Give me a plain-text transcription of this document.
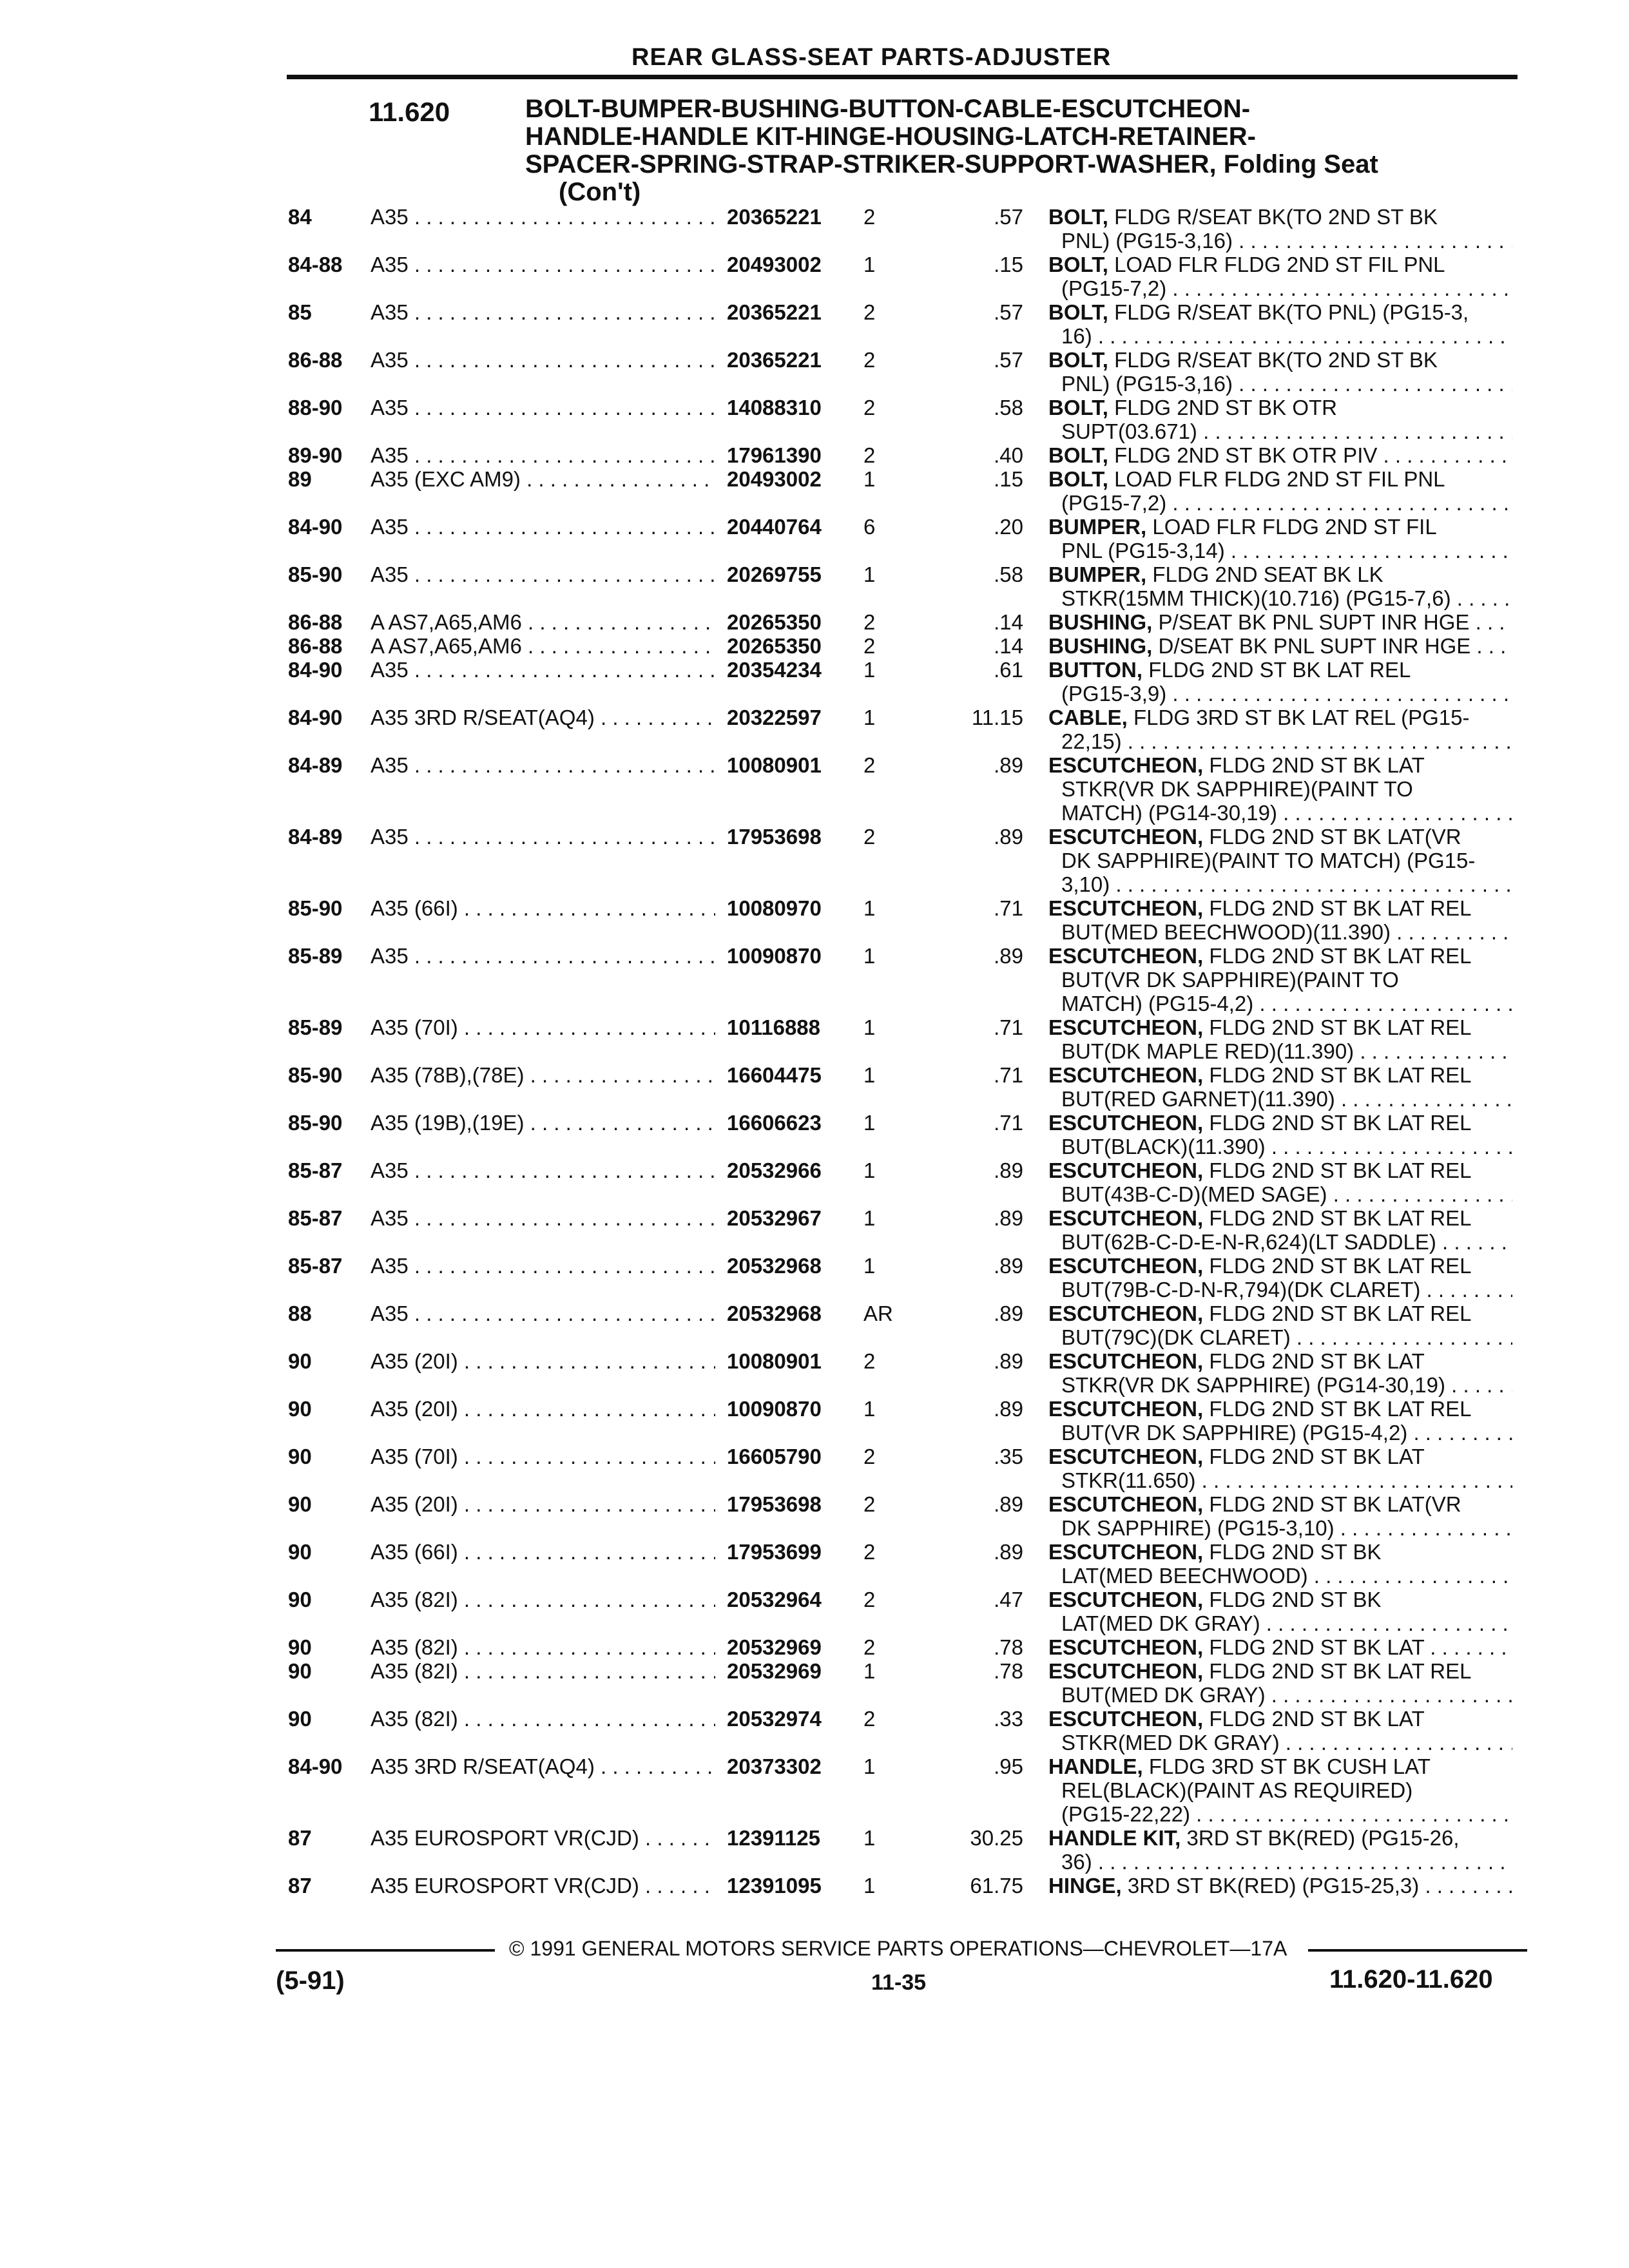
REAR GLASS-SEAT PARTS-ADJUSTER
11.620	BOLT-BUMPER-BUSHING-BUTTON-CABLE-ESCUTCHEON-
HANDLE-HANDLE KIT-HINGE-HOUSING-LATCH-RETAINER-
SPACER-SPRING-STRAP-STRIKER-SUPPORT-WASHER, Folding Seat
(Con't)
84	A35 . . .	20365221 2	.57 BOLT, FLDG R/SEAT BK(TO 2ND ST BK
PNL) (PG15-3,16) . . .
84-88 A35 . . .	20493002 1	.15 BOLT, LOAD FLR FLDG 2ND ST FIL PNL
(PG15-7,2) . . .
85	A35 . . .	20365221 2	.57 BOLT, FLDG R/SEAT BK(TO PNL) (PG15-3,
16) . . .
86-88 A35 . . .	20365221 2	.57 BOLT, FLDG R/SEAT BK(TO 2ND ST BK
PNL) (PG15-3,16) . . .
88-90 A35 . . .	14088310 2	.58 BOLT, FLDG 2ND ST BK OTR
SUPT(03.671) . . .
89-90 A35 . . .	17961390 2	.40 BOLT, FLDG 2ND ST BK OTR PIV . . .
89	A35 (EXC AM9) . . .	20493002 1	.15 BOLT, LOAD FLR FLDG 2ND ST FIL PNL
(PG15-7,2) . . .
84-90 A35 . . .	20440764 6	.20 BUMPER, LOAD FLR FLDG 2ND ST FIL
PNL (PG15-3,14) . . .
85-90 A35 . . .	20269755 1	.58 BUMPER, FLDG 2ND SEAT BK LK
STKR(15MM THICK)(10.716) (PG15-7,6) . . .
86-88 A AS7,A65,AM6 . . .	20265350 2	.14 BUSHING, P/SEAT BK PNL SUPT INR HGE . . .
86-88 A AS7,A65,AM6 . . .	20265350 2	.14 BUSHING, D/SEAT BK PNL SUPT INR HGE . . .
84-90 A35 . . .	20354234 1	.61 BUTTON, FLDG 2ND ST BK LAT REL
(PG15-3,9) . . .
84-90 A35 3RD R/SEAT(AQ4) . . .	20322597 1	11.15 CABLE, FLDG 3RD ST BK LAT REL (PG15-
22,15) . . .
84-89 A35 . . .	10080901 2	.89 ESCUTCHEON, FLDG 2ND ST BK LAT
STKR(VR DK SAPPHIRE)(PAINT TO
MATCH) (PG14-30,19) . . .
84-89 A35 . . .	17953698 2	.89 ESCUTCHEON, FLDG 2ND ST BK LAT(VR
DK SAPPHIRE)(PAINT TO MATCH) (PG15-
3,10) . . .
85-90 A35 (66I) . . .	10080970 1	.71 ESCUTCHEON, FLDG 2ND ST BK LAT REL
BUT(MED BEECHWOOD)(11.390) . . .
85-89 A35 . . .	10090870 1	.89 ESCUTCHEON, FLDG 2ND ST BK LAT REL
BUT(VR DK SAPPHIRE)(PAINT TO
MATCH) (PG15-4,2) . . .
85-89 A35 (70I) . . .	10116888 1	.71 ESCUTCHEON, FLDG 2ND ST BK LAT REL
BUT(DK MAPLE RED)(11.390) . . .
85-90 A35 (78B),(78E) . . .	16604475 1	.71 ESCUTCHEON, FLDG 2ND ST BK LAT REL
BUT(RED GARNET)(11.390) . . .
85-90 A35 (19B),(19E) . . .	16606623 1	.71 ESCUTCHEON, FLDG 2ND ST BK LAT REL
BUT(BLACK)(11.390) . . .
85-87 A35 . . .	20532966 1	.89 ESCUTCHEON, FLDG 2ND ST BK LAT REL
BUT(43B-C-D)(MED SAGE) . . .
85-87 A35 . . .	20532967 1	.89 ESCUTCHEON, FLDG 2ND ST BK LAT REL
BUT(62B-C-D-E-N-R,624)(LT SADDLE) . . .
85-87 A35 . . .	20532968 1	.89 ESCUTCHEON, FLDG 2ND ST BK LAT REL
BUT(79B-C-D-N-R,794)(DK CLARET) . . .
88	A35 . . .	20532968 AR	.89 ESCUTCHEON, FLDG 2ND ST BK LAT REL
BUT(79C)(DK CLARET) . . .
90	A35 (20I) . . .	10080901 2	.89 ESCUTCHEON, FLDG 2ND ST BK LAT
STKR(VR DK SAPPHIRE) (PG14-30,19) . . .
90	A35 (20I) . . .	10090870 1	.89 ESCUTCHEON, FLDG 2ND ST BK LAT REL
BUT(VR DK SAPPHIRE) (PG15-4,2) . . .
90	A35 (70I) . . .	16605790 2	.35 ESCUTCHEON, FLDG 2ND ST BK LAT
STKR(11.650) . . .
90	A35 (20I) . . .	17953698 2	.89 ESCUTCHEON, FLDG 2ND ST BK LAT(VR
DK SAPPHIRE) (PG15-3,10) . . .
90	A35 (66I) . . .	17953699 2	.89 ESCUTCHEON, FLDG 2ND ST BK
LAT(MED BEECHWOOD) . . .
90	A35 (82I) . . .	20532964 2	.47 ESCUTCHEON, FLDG 2ND ST BK
LAT(MED DK GRAY) . . .
90	A35 (82I) . . .	20532969 2	.78 ESCUTCHEON, FLDG 2ND ST BK LAT . . .
90	A35 (82I) . . .	20532969 1	.78 ESCUTCHEON, FLDG 2ND ST BK LAT REL
BUT(MED DK GRAY) . . .
90	A35 (82I) . . .	20532974 2	.33 ESCUTCHEON, FLDG 2ND ST BK LAT
STKR(MED DK GRAY) . . .
84-90 A35 3RD R/SEAT(AQ4) . . .	20373302 1	.95 HANDLE, FLDG 3RD ST BK CUSH LAT
REL(BLACK)(PAINT AS REQUIRED)
(PG15-22,22) . . .
87	A35 EUROSPORT VR(CJD) . . .	12391125 1	30.25 HANDLE KIT, 3RD ST BK(RED) (PG15-26,
36) . . .
87	A35 EUROSPORT VR(CJD) . . .	12391095 1	61.75 HINGE, 3RD ST BK(RED) (PG15-25,3) . . .
© 1991 GENERAL MOTORS SERVICE PARTS OPERATIONS—CHEVROLET—17A
(5-91)	11-35	11.620-11.620
